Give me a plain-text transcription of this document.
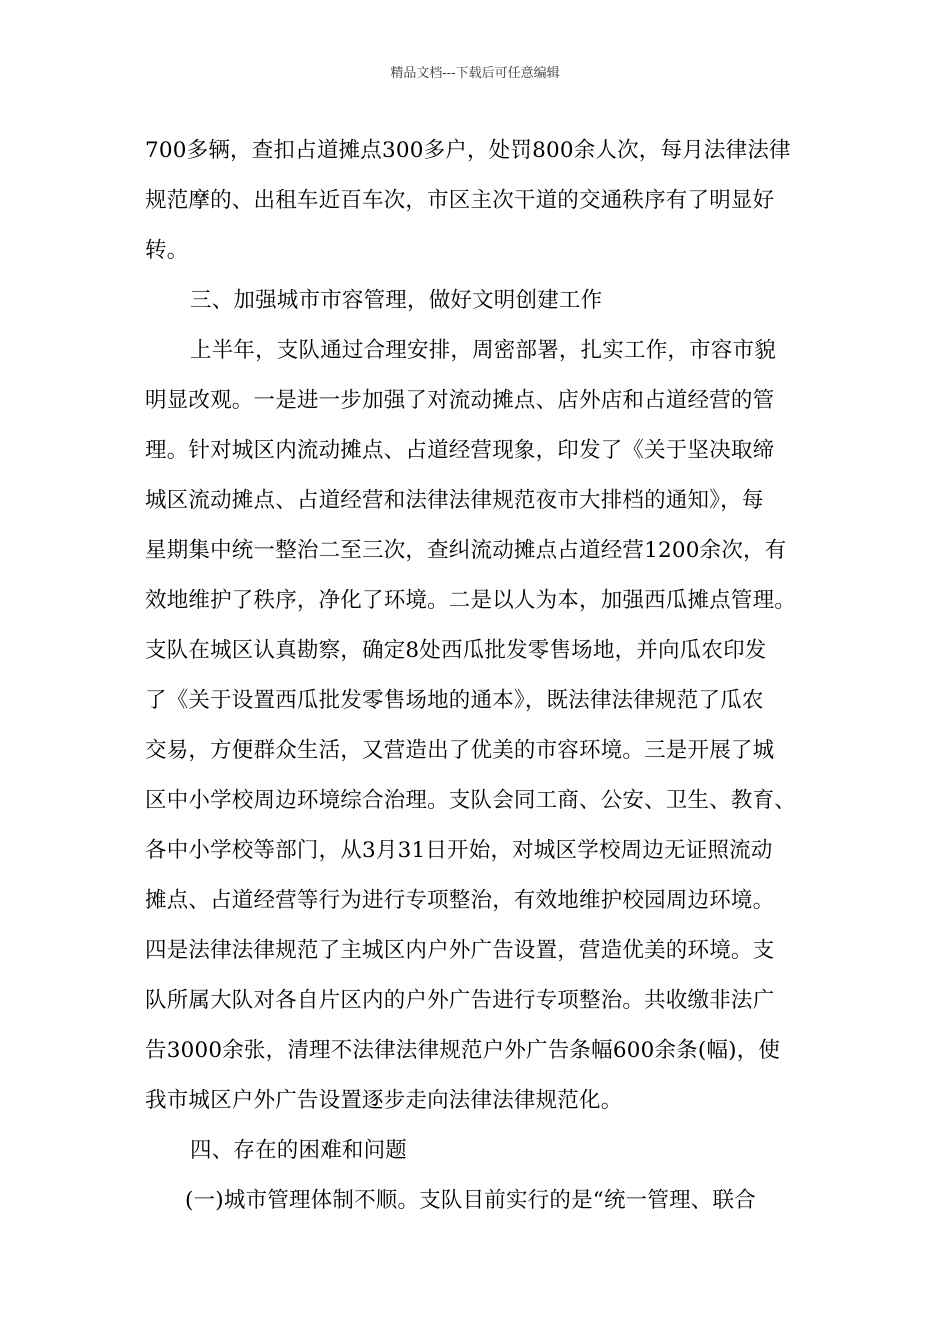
精品文档---下载后可任意编辑
700多辆，查扣占道摊点300多户，处罚800余人次，每月法律法律
规范摩的、出租车近百车次，市区主次干道的交通秩序有了明显好
转。
三、加强城市市容管理，做好文明创建工作
上半年，支队通过合理安排，周密部署，扎实工作，市容市貌
明显改观。一是进一步加强了对流动摊点、店外店和占道经营的管
理。针对城区内流动摊点、占道经营现象，印发了《关于坚决取缔
城区流动摊点、占道经营和法律法律规范夜市大排档的通知》，每
星期集中统一整治二至三次，查纠流动摊点占道经营1200余次，有
效地维护了秩序，净化了环境。二是以人为本，加强西瓜摊点管理。
支队在城区认真勘察，确定8处西瓜批发零售场地，并向瓜农印发
了《关于设置西瓜批发零售场地的通本》，既法律法律规范了瓜农
交易，方便群众生活，又营造出了优美的市容环境。三是开展了城
区中小学校周边环境综合治理。支队会同工商、公安、卫生、教育、
各中小学校等部门，从3月31日开始，对城区学校周边无证照流动
摊点、占道经营等行为进行专项整治，有效地维护校园周边环境。
四是法律法律规范了主城区内户外广告设置，营造优美的环境。支
队所属大队对各自片区内的户外广告进行专项整治。共收缴非法广
告3000余张，清理不法律法律规范户外广告条幅600余条(幅)，使
我市城区户外广告设置逐步走向法律法律规范化。
四、存在的困难和问题
(一)城市管理体制不顺。支队目前实行的是“统一管理、联合
